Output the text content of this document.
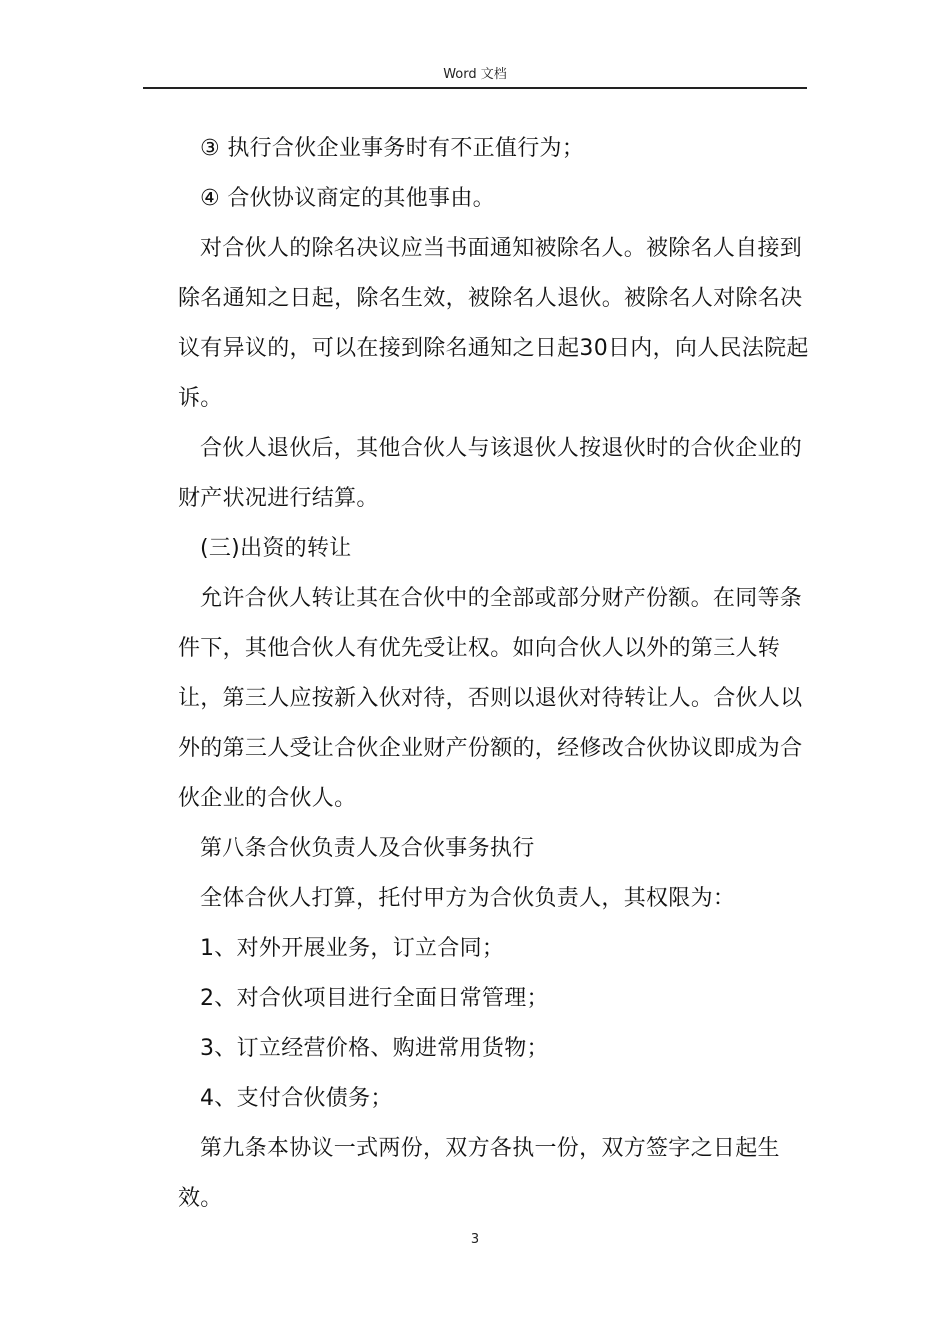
Word 文档

③ 执行合伙企业事务时有不正值行为；

④ 合伙协议商定的其他事由。

对合伙人的除名决议应当书面通知被除名人。被除名人自接到除名通知之日起，除名生效，被除名人退伙。被除名人对除名决议有异议的，可以在接到除名通知之日起30日内，向人民法院起诉。

合伙人退伙后，其他合伙人与该退伙人按退伙时的合伙企业的财产状况进行结算。

(三)出资的转让

允许合伙人转让其在合伙中的全部或部分财产份额。在同等条件下，其他合伙人有优先受让权。如向合伙人以外的第三人转让，第三人应按新入伙对待，否则以退伙对待转让人。合伙人以外的第三人受让合伙企业财产份额的，经修改合伙协议即成为合伙企业的合伙人。

第八条合伙负责人及合伙事务执行

全体合伙人打算，托付甲方为合伙负责人，其权限为：

1、对外开展业务，订立合同；

2、对合伙项目进行全面日常管理；

3、订立经营价格、购进常用货物；

4、支付合伙债务；

第九条本协议一式两份，双方各执一份，双方签字之日起生效。

3
